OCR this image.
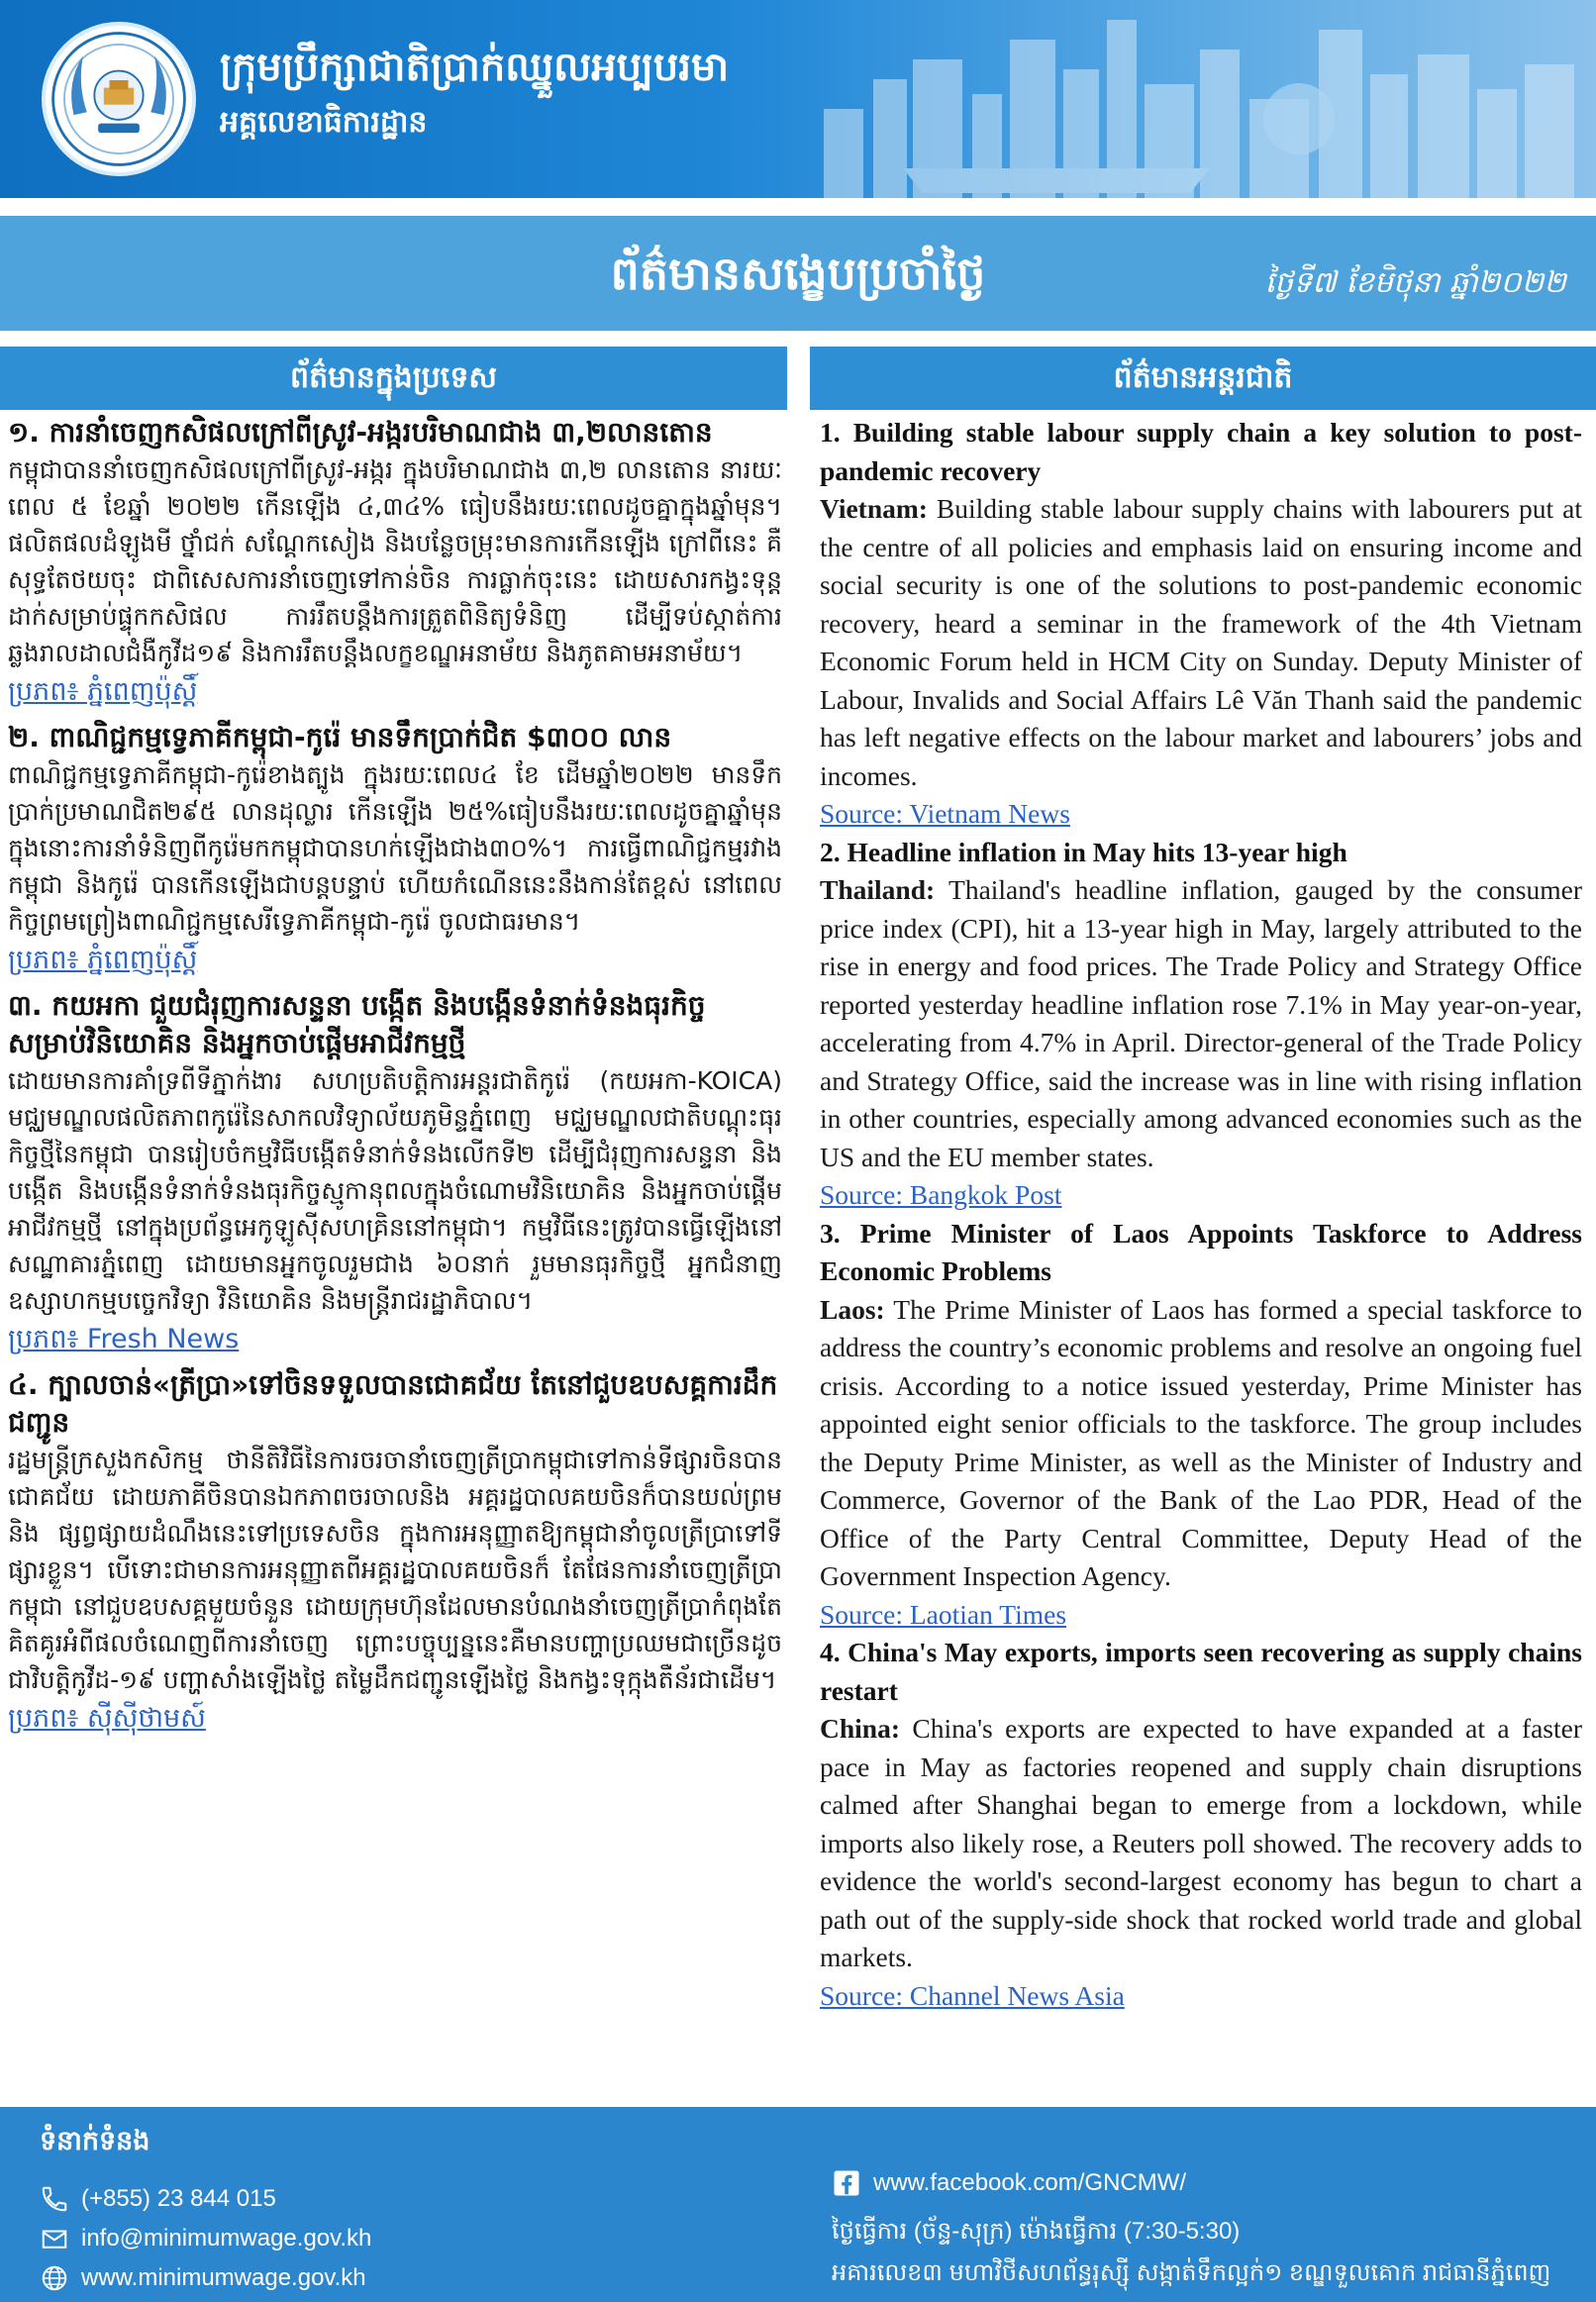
ក្រុមប្រឹក្សាជាតិប្រាក់ឈ្នួលអប្បបរមា
អគ្គលេខាធិការដ្ឋាន
ព័ត៌មានសង្ខេបប្រចាំថ្ងៃ	ថ្ងៃទី៧ ខែមិថុនា ឆ្នាំ២០២២
ព័ត៌មានក្នុងប្រទេស	ព័ត៌មានអន្តរជាតិ
១. ការនាំចេញកសិផលក្រៅពីស្រូវ-អង្ករបរិមាណជាង ៣,២លានតោន
កម្ពុជាបាននាំចេញកសិផលក្រៅពីស្រូវ-អង្ករ ក្នុងបរិមាណជាង ៣,២ លានតោន នារយៈពេល ៥ ខែឆ្នាំ ២០២២ កើនឡើង ៤,៣៤% ធៀបនឹងរយៈពេលដូចគ្នាក្នុងឆ្នាំមុន។ ផលិតផលដំឡូងមី ថ្នាំជក់ សណ្តែកសៀង និងបន្លែចម្រុះមានការកើនឡើង ក្រៅពីនេះ គឺសុទ្ធតែថយចុះ ជាពិសេសការនាំចេញទៅកាន់ចិន ការធ្លាក់ចុះនេះ ដោយសារកង្វះទុន្តដាក់សម្រាប់ផ្ទុកកសិផល ការរឹតបន្តឹងការត្រួតពិនិត្យទំនិញ ដើម្បីទប់ស្កាត់ការឆ្លងរាលដាលជំងឺកូវីដ១៩ និងការរឹតបន្តឹងលក្ខខណ្ឌអនាម័យ និងភូតគាមអនាម័យ។
ប្រភព៖ ភ្នំពេញប៉ុស្ដិ៍
២. ពាណិជ្ជកម្មទ្វេភាគីកម្ពុជា-កូរ៉េ មានទឹកប្រាក់ជិត $៣០០ លាន
ពាណិជ្ជកម្មទ្វេភាគីកម្ពុជា-កូរ៉េខាងត្បូង ក្នុងរយៈពេល៤ ខែ ដើមឆ្នាំ២០២២ មានទឹកប្រាក់ប្រមាណជិត២៩៥ លានដុល្លារ កើនឡើង ២៥%ធៀបនឹងរយៈពេលដូចគ្នាឆ្នាំមុន ក្នុងនោះការនាំទំនិញពីកូរ៉េមកកម្ពុជាបានហក់ឡើងជាង៣០%។ ការធ្វើពាណិជ្ជកម្មរវាងកម្ពុជា និងកូរ៉េ បានកើនឡើងជាបន្តបន្ទាប់ ហើយកំណើននេះនឹងកាន់តែខ្ពស់ នៅពេលកិច្ចព្រមព្រៀងពាណិជ្ជកម្មសេរីទ្វេភាគីកម្ពុជា-កូរ៉េ ចូលជាធរមាន។
ប្រភព៖ ភ្នំពេញប៉ុស្ដិ៍
៣. កយអកា ជួយជំរុញការសន្ទនា បង្កើត និងបង្កើនទំនាក់ទំនងធុរកិច្ចសម្រាប់វិនិយោគិន និងអ្នកចាប់ផ្តើមអាជីវកម្មថ្មី
ដោយមានការគាំទ្រពីទីភ្នាក់ងារ សហប្រតិបត្តិការអន្តរជាតិកូរ៉េ (កយអកា-KOICA) មជ្ឈមណ្ឌលផលិតភាពកូរ៉េនៃសាកលវិទ្យាល័យភូមិន្ទភ្នំពេញ មជ្ឈមណ្ឌលជាតិបណ្តុះធុរកិច្ចថ្មីនៃកម្ពុជា បានរៀបចំកម្មវិធីបង្កើតទំនាក់ទំនងលើកទី២ ដើម្បីជំរុញការសន្ទនា និងបង្កើត និងបង្កើនទំនាក់ទំនងធុរកិច្ចស្មូកានុពលក្នុងចំណោមវិនិយោគិន និងអ្នកចាប់ផ្តើមអាជីវកម្មថ្មី នៅក្នុងប្រព័ន្ធអេកូឡូស៊ីសហគ្រិននៅកម្ពុជា។ កម្មវិធីនេះត្រូវបានធ្វើឡើងនៅសណ្ឋាគារភ្នំពេញ ដោយមានអ្នកចូលរួមជាង ៦០នាក់ រួមមានធុរកិច្ចថ្មី អ្នកជំនាញឧស្សាហកម្មបច្ចេកវិទ្យា វិនិយោគិន និងមន្ត្រីរាជរដ្ឋាភិបាល។
ប្រភព៖ Fresh News
៤. ក្បាលចាន់«ត្រីប្រា»ទៅចិនទទួលបានជោគជ័យ តែនៅជួបឧបសគ្គការដឹកជញ្ជូន
រដ្ឋមន្ត្រីក្រសួងកសិកម្ម ថានីតិវិធីនៃការចរចានាំចេញត្រីប្រាកម្ពុជាទៅកាន់ទីផ្សារចិនបានជោគជ័យ ដោយភាគីចិនបានឯកភាពចរចាលនិង អគ្គរដ្ឋបាលគយចិនក៏បានយល់ព្រម និង ផ្សព្វផ្សាយដំណឹងនេះទៅប្រទេសចិន ក្នុងការអនុញ្ញាតឱ្យកម្ពុជានាំចូលត្រីប្រាទៅទីផ្សារខ្លួន។ បើទោះជាមានការអនុញ្ញាតពីអគ្គរដ្ឋបាលគយចិនក៏ តែផែនការនាំចេញត្រីប្រាកម្ពុជា នៅជួបឧបសគ្គមួយចំនួន ដោយក្រុមហ៊ុនដែលមានបំណងនាំចេញត្រីប្រាកំពុងតែគិតគូរអំពីផលចំណេញពីការនាំចេញ ព្រោះបច្ចុប្បន្ននេះគឺមានបញ្ហាប្រឈមជាច្រើនដូចជាវិបត្តិកូវីដ-១៩ បញ្ហាសាំងឡើងថ្លៃ តម្លៃដឹកជញ្ជូនឡើងថ្លៃ និងកង្វះទុក្កុងតឺន័រជាដើម។
ប្រភព៖ ស៊ីស៊ីថាមស៍
1. Building stable labour supply chain a key solution to post-pandemic recovery
Vietnam: Building stable labour supply chains with labourers put at the centre of all policies and emphasis laid on ensuring income and social security is one of the solutions to post-pandemic economic recovery, heard a seminar in the framework of the 4th Vietnam Economic Forum held in HCM City on Sunday. Deputy Minister of Labour, Invalids and Social Affairs Lê Văn Thanh said the pandemic has left negative effects on the labour market and labourers’ jobs and incomes.
Source: Vietnam News
2. Headline inflation in May hits 13-year high
Thailand: Thailand's headline inflation, gauged by the consumer price index (CPI), hit a 13-year high in May, largely attributed to the rise in energy and food prices. The Trade Policy and Strategy Office reported yesterday headline inflation rose 7.1% in May year-on-year, accelerating from 4.7% in April. Director-general of the Trade Policy and Strategy Office, said the increase was in line with rising inflation in other countries, especially among advanced economies such as the US and the EU member states.
Source: Bangkok Post
3. Prime Minister of Laos Appoints Taskforce to Address Economic Problems
Laos: The Prime Minister of Laos has formed a special taskforce to address the country’s economic problems and resolve an ongoing fuel crisis. According to a notice issued yesterday, Prime Minister has appointed eight senior officials to the taskforce. The group includes the Deputy Prime Minister, as well as the Minister of Industry and Commerce, Governor of the Bank of the Lao PDR, Head of the Office of the Party Central Committee, Deputy Head of the Government Inspection Agency.
Source: Laotian Times
4. China's May exports, imports seen recovering as supply chains restart
China: China's exports are expected to have expanded at a faster pace in May as factories reopened and supply chain disruptions calmed after Shanghai began to emerge from a lockdown, while imports also likely rose, a Reuters poll showed. The recovery adds to evidence the world's second-largest economy has begun to chart a path out of the supply-side shock that rocked world trade and global markets.
Source: Channel News Asia
ទំនាក់ទំនង
(+855) 23 844 015
info@minimumwage.gov.kh
www.minimumwage.gov.kh
www.facebook.com/GNCMW/
ថ្ងៃធ្វើការ (ច័ន្ទ-សុក្រ) ម៉ោងធ្វើការ (7:30-5:30)
អគារលេខ៣ មហាវិថីសហព័ន្ធរុស្ស៊ី សង្កាត់ទឹកល្អក់១ ខណ្ឌទួលគោក រាជធានីភ្នំពេញ
